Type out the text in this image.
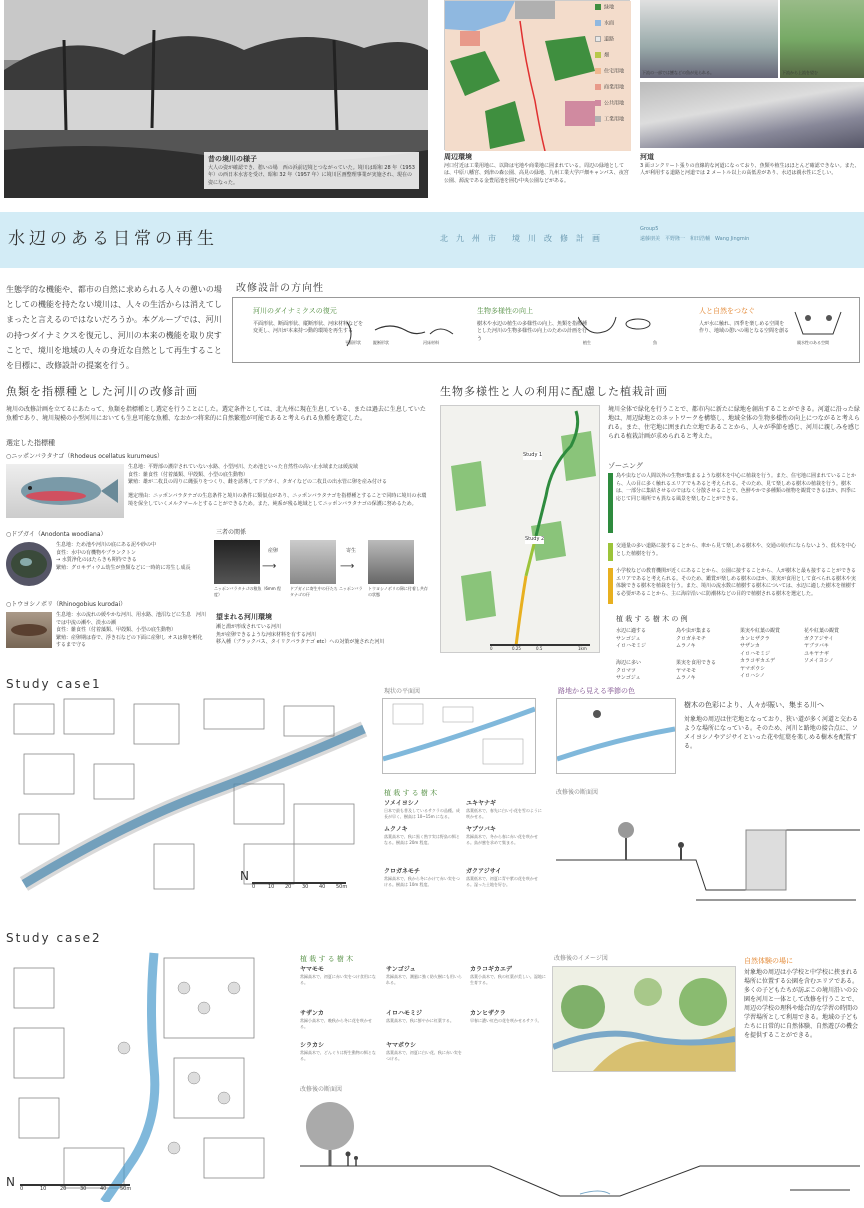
昔の境川の様子
大人の姿が確認でき、憩いの場　西の浜前辺境とつながっていた。境川は昭和 28 年（1953 年）の西日本水害を受け、昭和 32 年（1957 年）に境川区画整理事業が実施され、現在の姿になった。
緑地
水面
道路
畑
住宅用地
商業用地
公共用地
工業用地
周辺環境
河口付近は工業用地に、以降は宅地や商業地に囲まれている。周辺の緑地としては、中原八幡宮、到津の森公園、高見の緑地、九州工業大学戸畑キャンパス、夜宮公園、源流である金豊尾池を囲む中央公園などがある。
下流の一部では鯉などの魚が見られる。	下流から上流を望む
河道
3 面コンクリート張りの直線的な河道になっており、魚類や植生はほとんど確認できない。また、人が利用する道路と河道では 2 メートル以上の高低差があり、水辺は親水性に乏しい。
水辺のある日常の再生	北　九　州　市　　境　川　改　修　計　画
Group5
遠藤朋美　平野隆一　和田浩輔　Wang Jingmin
生態学的な機能や、都市の自然に求められる人々の憩いの場としての機能を持たない境川は、人々の生活からは消えてしまったと言えるのではないだろうか。本グループでは、河川の持つダイナミクスを復元し、河川の本来の機能を取り戻すことで、境川を地域の人々の身近な自然として再生することを目標に、改修設計の提案を行う。
改修設計の方向性
河川のダイナミクスの復元
平面形状、断面形状、縦断形状、河床材料などを変更し、河川が本来持つ動的環境を再生する
平面形状	縦断形状	河床材料
生物多様性の向上
樹木や水辺の植生の多様性の向上、魚類を指標種とした河川の生物多様性の向上のための計画を行う
植生	魚
人と自然をつなぐ
人が水に触れ、四季を楽しめる空間を作り、地域の憩いの場となる空間を創る
親水性のある空間
魚類を指標種とした河川の改修計画
境川の改修計画を立てるにあたって、魚類を指標種とし選定を行うことにした。選定条件としては、北九州に現在生息している、または過去に生息していた魚種であり、境川規模の小型河川においても生息可能な魚種、なおかつ将来的に自然繁殖が可能であると考えられる魚種を選定した。
選定した指標種
○ニッポンバラタナゴ（Rhodeus ocellatus kurumeus）
生息地：平野部の護岸されていない水路、小型河川、ため池といった自然性の高い止水域または緩流域
食性：雑食性（付着藻類、甲殻類、小型の底生動物）
繁殖：雄が二枚貝の周りに縄張りをつくり、雌を誘導してドブガイ、タガイなどの二枚貝の出水管に卵を産み付ける
選定理由：ニッポンバラタナゴの生息条件と境川の条件に類似点があり、ニッポンバラタナゴを指標種とすることで同時に境川の水環境を保全していくメルクマールとすることができるため。また、純系が残る地域としてニッポンバラタナゴの保護に努めるため。
○ドブガイ（Anodonta woodiana）
生息地：ため池や河川の底にある泥や砂の中
食性：水中の有機物やプランクトン
→ 水質浄化のはたらきも期待できる
繁殖：グロキディウム幼生が魚類などに一時的に寄生し成長
○トウヨシノボリ（Rhinogobius kurodai）
生息地：水の流れの緩やかな河川、用水路、池沼などに生息　河川では中流の瀬や、淡水の瀬
食性：雑食性（付着藻類、甲殻類、小型の底生動物）
繁殖：産卵期は春で、浮き石などの下面に産卵し オスは卵を孵化するまで守る
三者の関係
産卵
⟶
寄生
⟶
ニッポンバラタナゴの稚魚（6mm 程度）
ドブガイに寄生中の仔たち ニッポンバラタナゴの仔
トウヨシノボリの卵に付着し共存の状態
望まれる河川環境
瀬と淵が形成されている河川
魚が産卵できるような河床材料を有する河川
移入種（ブラックバス、タイリクバラタナゴ etc）への対策が施された河川
生物多様性と人の利用に配慮した植栽計画
Study 1
Study 2
0	0.25	0.5	1km
境川全体で緑化を行うことで、都市内に新たに緑地を創出することができる。河道に沿った緑地は、周辺緑地とのネットワークを構築し、地域全体の生物多様性の向上につながると考えられる。また、住宅地に囲まれた立地であることから、人々が季節を感じ、河川に親しみを感じられる植栽計画が求められると考えた。
ゾーニング
鳥や虫などの人間以外の生物が集まるような樹木を中心に植栽を行う。また、住宅地に囲まれていることから、人の目に多く触れるエリアでもあると考えられる。そのため、見て楽しめる樹木の植栽を行う。樹木は、一部分に集結させるのではなく分散させることで、色鮮やかで多種類の植物を観賞できるほか、四季に応じて同じ場所でも異なる風景を楽しむことができる。
交通量の多い道路に接することから、車から見て楽しめる樹木や、交通の妨げにならないよう、低木を中心とした植樹を行う。
小学校などの教育機関が近くにあることから、公園に接することから、人が樹木と最も接することができるエリアであると考えられる。そのため、鑑賞が楽しめる樹木のほか、果実が食用として食べられる樹木や実体験できる樹木を植栽を行う。また、境川の流水数に植樹する樹木については、水辺に適した樹木を植樹する必要があることから、主に海岸沿いに防潮林などの目的で植樹される樹木を選定した。
植 栽 す る 樹 木 の 例
水辺に適する
サンゴジュ
イロハモミジ
鳥や虫が集まる
クロガネモチ
ムラノキ
果実や紅葉の観賞
カンヒザクラ
サザンカ
イロハモミジ
カラコギカエデ
ヤマボウシ
イロハシノ
花や紅葉の観賞
ガクアジサイ
ヤブツバキ
ユキヤナギ
ソメイヨシノ
海辺に多い
クロマツ
サンゴジュ
果実を食用できる
ヤマモモ
ムラノキ
Study case1
N
0	10 20 30 40 50m
現状の平面図	路地から見える季節の色
樹木の色彩により、人々が賑い、集まる川へ
対象地の周辺は住宅地となっており、狭い道が多く河道と交わるような場所になっている。そのため、河川と路地の接合点に、ソメイヨシノやアジサイといった花や紅葉を楽しめる樹木を配置する。
植 栽 す る 樹 木
ソメイヨシノ
日本で最も普及しているサクラの品種。成長が早く、樹高は 10~15m になる。
ユキヤナギ
落葉低木で、春先に白い小花を雪のように咲かせる。
ムクノキ
落葉高木で、秋に黒く熟す実は野鳥の餌となる。樹高は 20m 程度。
ヤブツバキ
常緑高木で、冬から春に赤い花を咲かせる。鳥が蜜を求めて集まる。
クロガネモチ
常緑高木で、秋から冬にかけて赤い実をつける。樹高は 10m 程度。
ガクアジサイ
落葉低木で、初夏に青や紫の花を咲かせる。湿った土地を好む。
改修後の断面図
Study case2
N 0	10	20	30	40	50m
植 栽 す る 樹 木
ヤマモモ
常緑高木で、初夏に赤い実をつけ食用になる。
サンゴジュ
常緑高木で、潮風に強く防火樹にも用いられる。
カラコギカエデ
落葉小高木で、秋の紅葉が美しい。湿地に生育する。
サザンカ
常緑小高木で、晩秋から冬に花を咲かせる。
イロハモミジ
落葉高木で、秋に鮮やかに紅葉する。
カンヒザクラ
早春に濃い紅色の花を咲かせるサクラ。
シラカシ
常緑高木で、どんぐりは野生動物の餌となる。
ヤマボウシ
落葉高木で、初夏に白い花、秋に赤い実をつける。
改修後のイメージ図	自然体験の場に
対象地の周辺は小学校と中学校に挟まれる場所に位置する公園を含むエリアである。多くの子どもたちが訪ぶこの境川沿いの公園を河川と一体として改修を行うことで、周辺の学校の理科や総合的な学習の時間の学習場所として利用できる。地域の子どもたちに日常的に自然体験、自然遊びの機会を提供することができる。
改修後の断面図
